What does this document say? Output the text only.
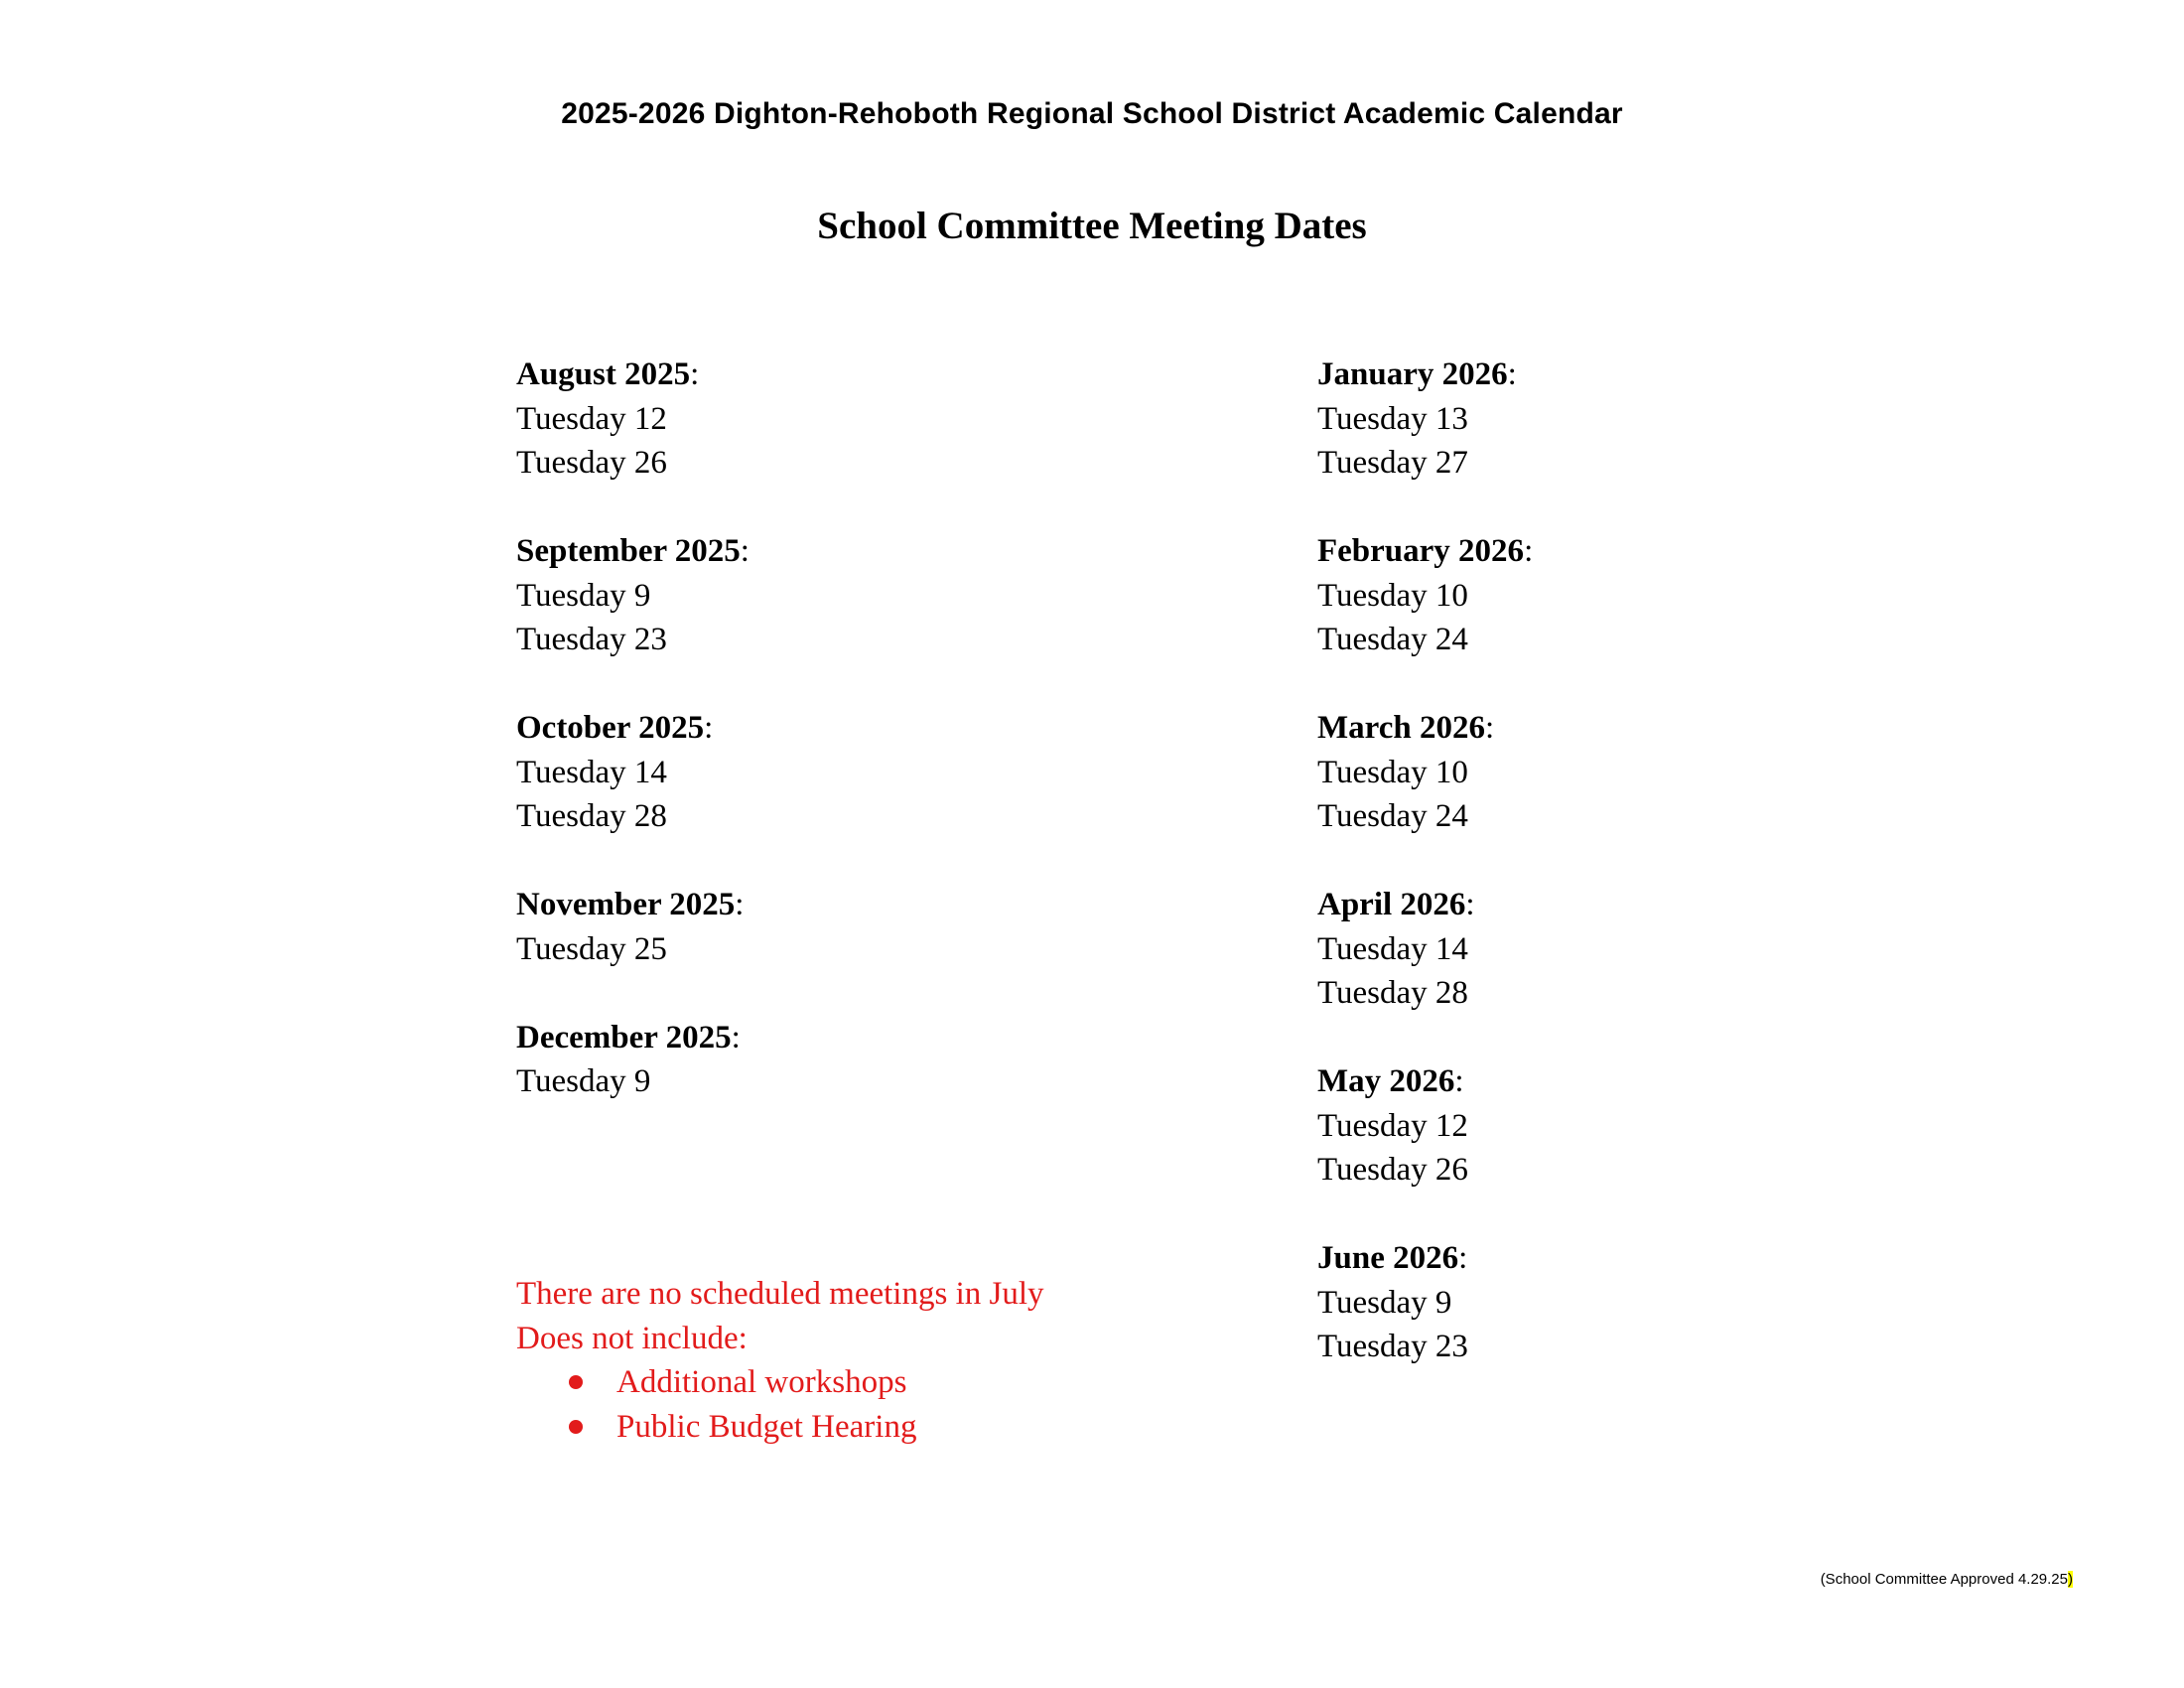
2025-2026 Dighton-Rehoboth Regional School District Academic Calendar
School Committee Meeting Dates
August 2025:
Tuesday 12
Tuesday 26
September 2025:
Tuesday 9
Tuesday 23
October 2025:
Tuesday 14
Tuesday 28
November 2025:
Tuesday 25
December 2025:
Tuesday 9
January 2026:
Tuesday 13
Tuesday 27
February 2026:
Tuesday 10
Tuesday 24
March 2026:
Tuesday 10
Tuesday 24
April 2026:
Tuesday 14
Tuesday 28
May 2026:
Tuesday 12
Tuesday 26
June 2026:
Tuesday 9
Tuesday 23
There are no scheduled meetings in July
Does not include:
Additional workshops
Public Budget Hearing
(School Committee Approved 4.29.25)
